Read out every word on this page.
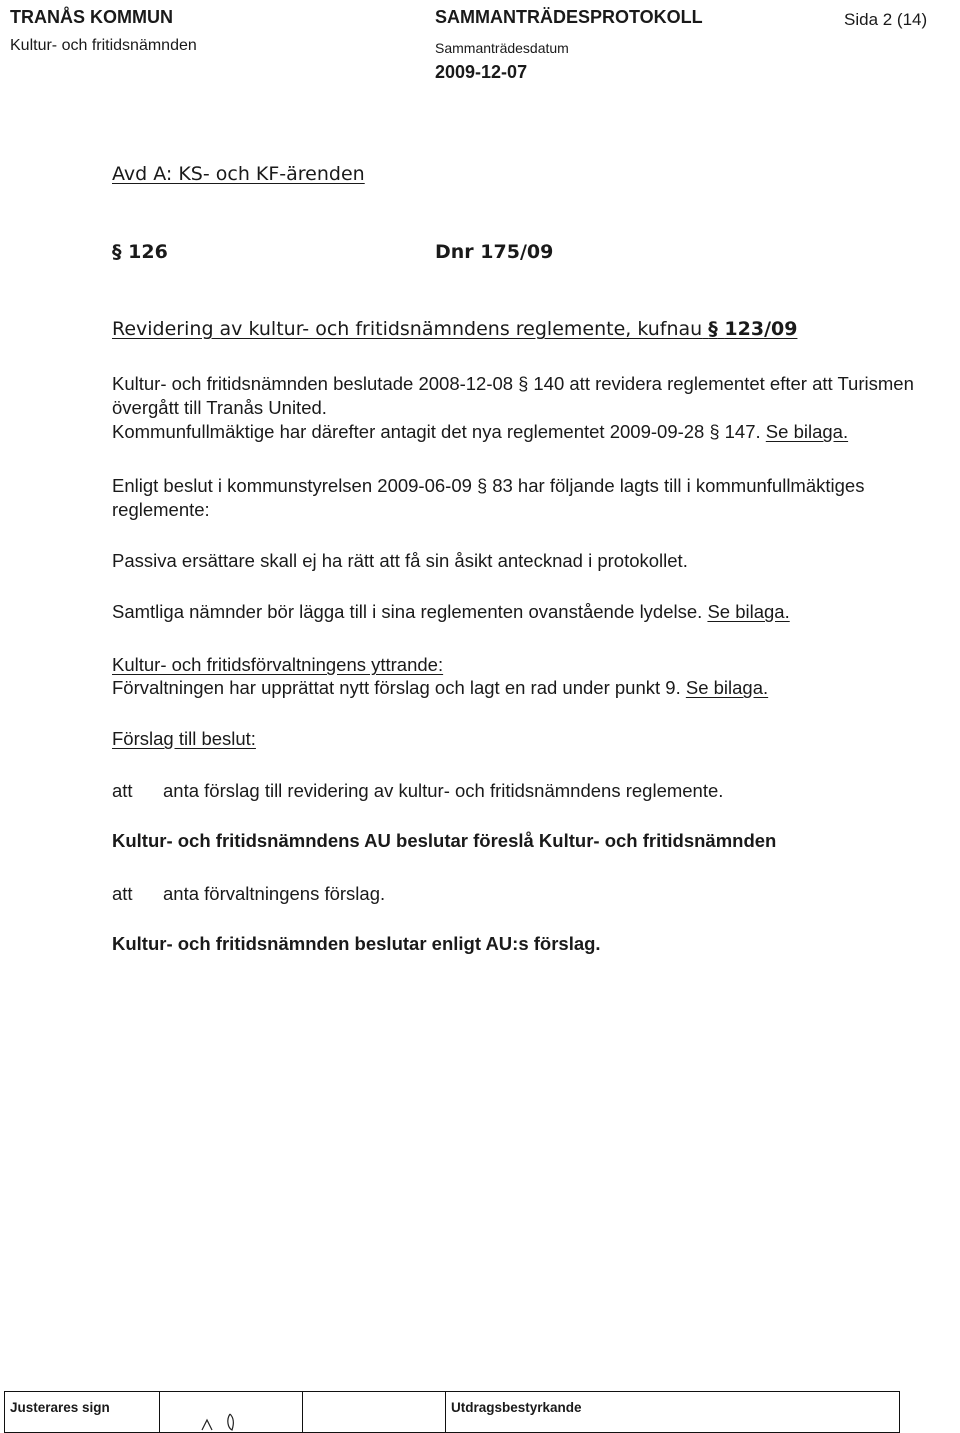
TRANÅS KOMMUN
Kultur- och fritidsnämnden
SAMMANTRÄDESPROTOKOLL
Sammanträdesdatum
2009-12-07
Sida 2 (14)
Avd A: KS- och KF-ärenden
§ 126	Dnr 175/09
Revidering av kultur- och fritidsnämndens reglemente, kufnau § 123/09
Kultur- och fritidsnämnden beslutade 2008-12-08 § 140 att revidera reglementet efter att Turismen
övergått till Tranås United.
Kommunfullmäktige har därefter antagit det nya reglementet 2009-09-28 § 147. Se bilaga.
Enligt beslut i kommunstyrelsen 2009-06-09 § 83 har följande lagts till i kommunfullmäktiges
reglemente:
Passiva ersättare skall ej ha rätt att få sin åsikt antecknad i protokollet.
Samtliga nämnder bör lägga till i sina reglementen ovanstående lydelse. Se bilaga.
Kultur- och fritidsförvaltningens yttrande:
Förvaltningen har upprättat nytt förslag och lagt en rad under punkt 9. Se bilaga.
Förslag till beslut:
att anta förslag till revidering av kultur- och fritidsnämndens reglemente.
Kultur- och fritidsnämndens AU beslutar föreslå Kultur- och fritidsnämnden
att anta förvaltningens förslag.
Kultur- och fritidsnämnden beslutar enligt AU:s förslag.
Justerares sign			Utdragsbestyrkande
